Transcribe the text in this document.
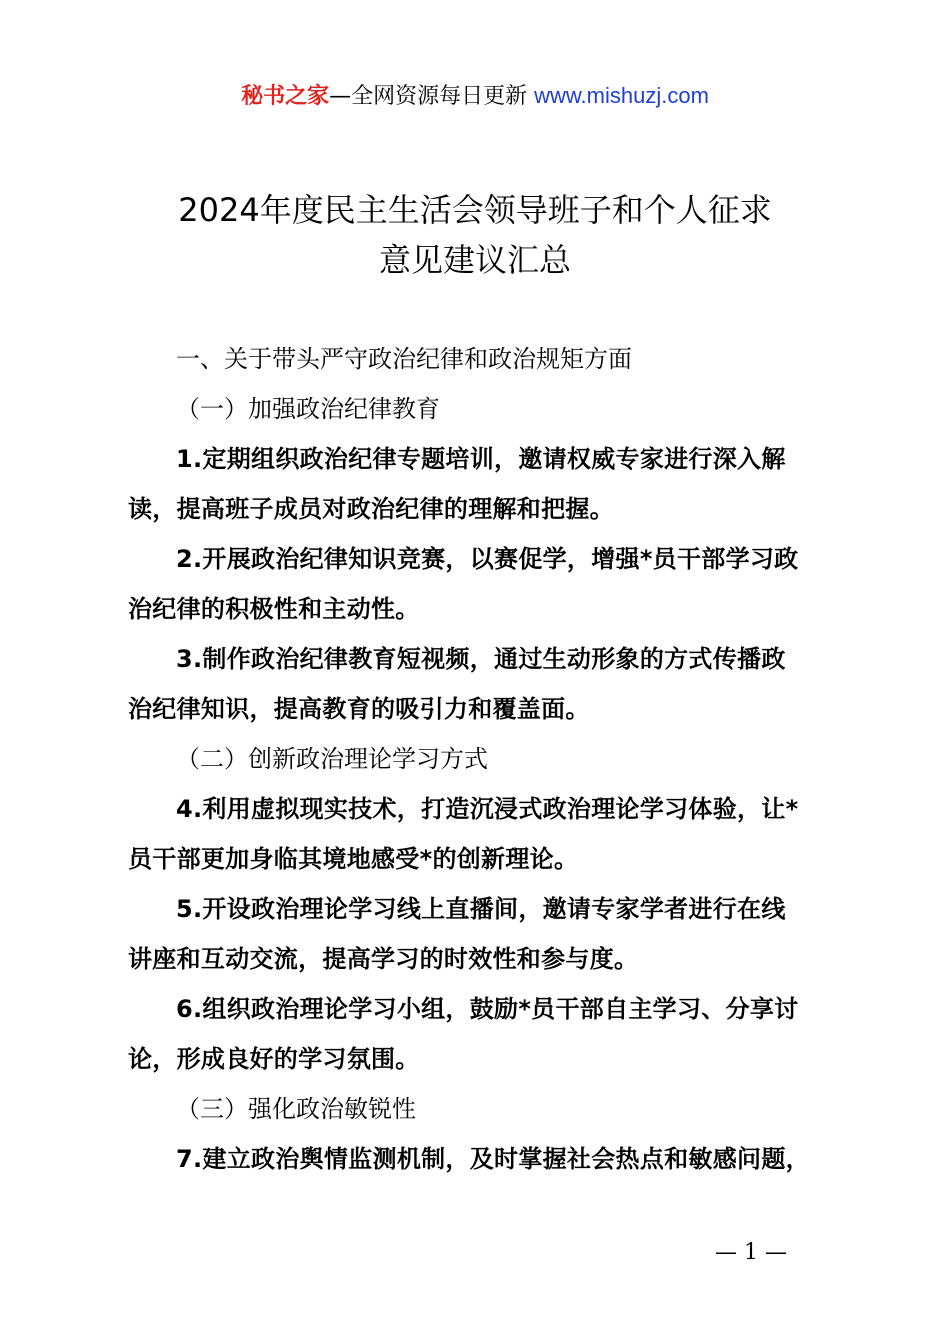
秘书之家—全网资源每日更新 www.mishuzj.com
2024年度民主生活会领导班子和个人征求
意见建议汇总

一、关于带头严守政治纪律和政治规矩方面

（一）加强政治纪律教育

1.定期组织政治纪律专题培训，邀请权威专家进行深入解
读，提高班子成员对政治纪律的理解和把握。
2.开展政治纪律知识竞赛，以赛促学，增强*员干部学习政
治纪律的积极性和主动性。
3.制作政治纪律教育短视频，通过生动形象的方式传播政
治纪律知识，提高教育的吸引力和覆盖面。

（二）创新政治理论学习方式

4.利用虚拟现实技术，打造沉浸式政治理论学习体验，让*
员干部更加身临其境地感受*的创新理论。
5.开设政治理论学习线上直播间，邀请专家学者进行在线
讲座和互动交流，提高学习的时效性和参与度。
6.组织政治理论学习小组，鼓励*员干部自主学习、分享讨
论，形成良好的学习氛围。

（三）强化政治敏锐性

7.建立政治舆情监测机制，及时掌握社会热点和敏感问题，
— 1 —
